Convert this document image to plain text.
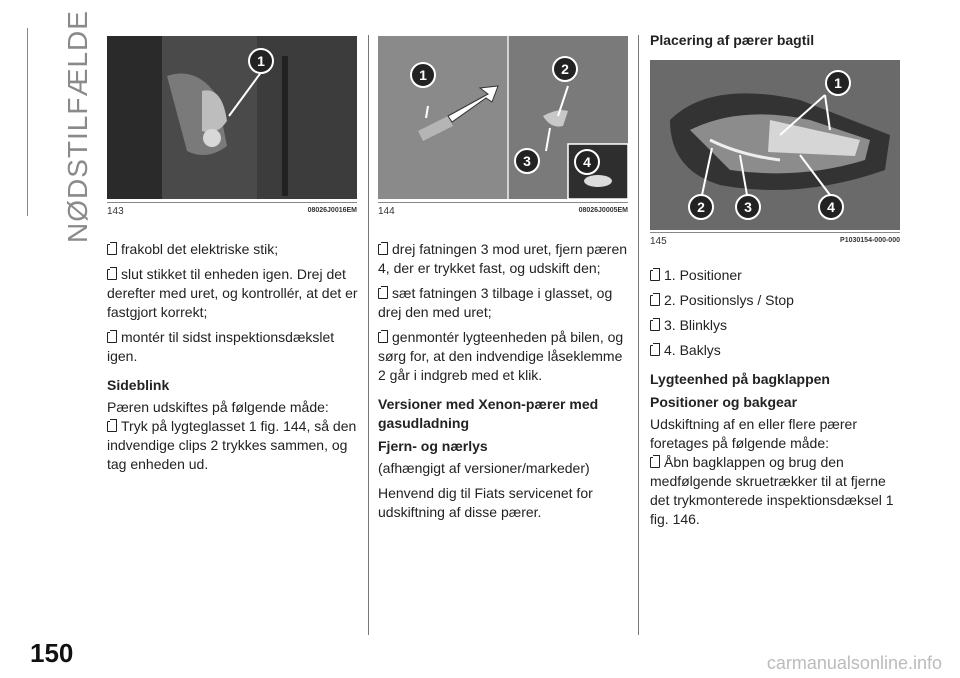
NØDSTILFÆLDE	1
143	08026J0016EM
1	2
3	4
144	08026J0005EM
Placering af pærer bagtil
1
2	3	4
145	P1030154-000-000

frakobl det elektriske stik;

slut stikket til enheden igen. Drej det derefter med uret, og kontrollér, at det er fastgjort korrekt;

montér til sidst inspektionsdækslet igen.

Sideblink

Pæren udskiftes på følgende måde:

Tryk på lygteglasset 1 fig. 144, så den indvendige clips 2 trykkes sammen, og tag enheden ud.

drej fatningen 3 mod uret, fjern pæren 4, der er trykket fast, og udskift den;

sæt fatningen 3 tilbage i glasset, og drej den med uret;

genmontér lygteenheden på bilen, og sørg for, at den indvendige låseklemme 2 går i indgreb med et klik.

Versioner med Xenon-pærer med gasudladning
Fjern- og nærlys

(afhængigt af versioner/markeder)

Henvend dig til Fiats servicenet for udskiftning af disse pærer.

1. Positioner

2. Positionslys / Stop

3. Blinklys

4. Baklys

Lygteenhed på bagklappen
Positioner og bakgear

Udskiftning af en eller flere pærer foretages på følgende måde:

Åbn bagklappen og brug den medfølgende skruetrækker til at fjerne det trykmonterede inspektionsdæksel 1 fig. 146.

150	carmanualsonline.info
